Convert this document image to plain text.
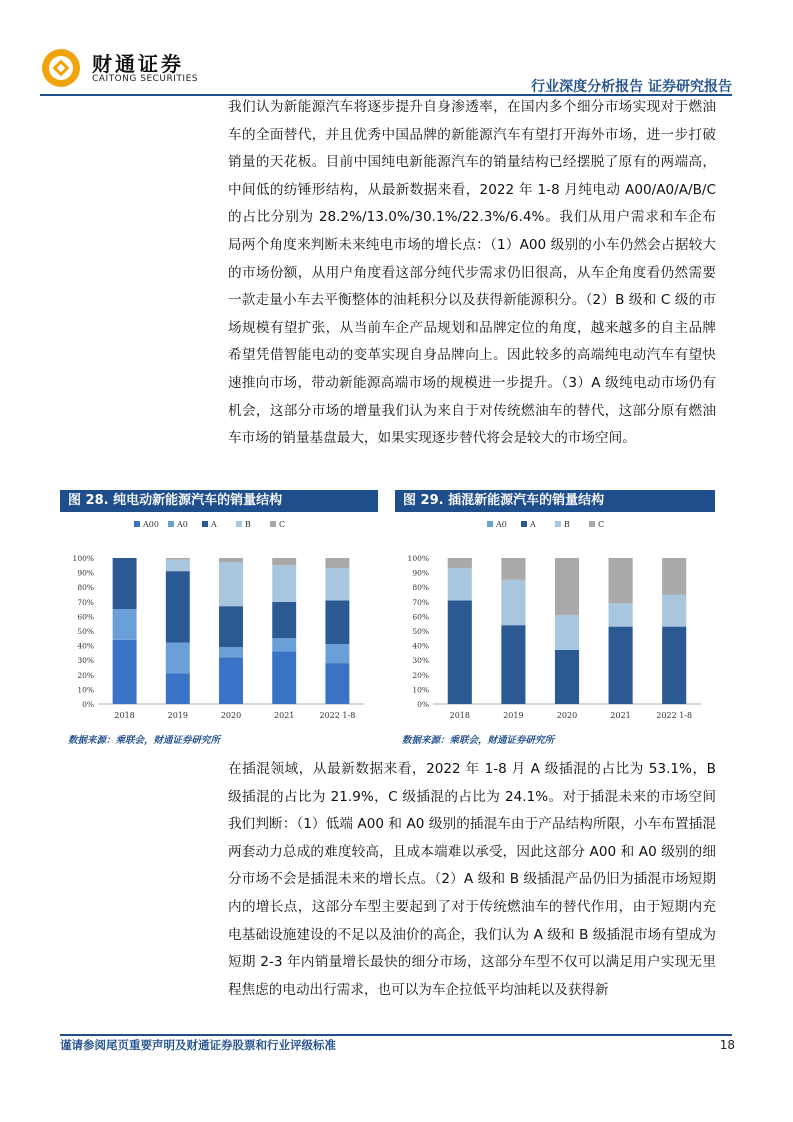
财通证券
CAITONG SECURITIES	行业深度分析报告 证券研究报告

我们认为新能源汽车将逐步提升自身渗透率，在国内多个细分市场实现对于燃油车的全面替代，并且优秀中国品牌的新能源汽车有望打开海外市场，进一步打破销量的天花板。目前中国纯电新能源汽车的销量结构已经摆脱了原有的两端高，中间低的纺锤形结构，从最新数据来看，2022 年 1-8 月纯电动 A00/A0/A/B/C 的占比分别为 28.2%/13.0%/30.1%/22.3%/6.4%。我们从用户需求和车企布局两个角度来判断未来纯电市场的增长点：（1）A00 级别的小车仍然会占据较大的市场份额，从用户角度看这部分纯代步需求仍旧很高，从车企角度看仍然需要一款走量小车去平衡整体的油耗积分以及获得新能源积分。（2）B 级和 C 级的市场规模有望扩张，从当前车企产品规划和品牌定位的角度，越来越多的自主品牌希望凭借智能电动的变革实现自身品牌向上。因此较多的高端纯电动汽车有望快速推向市场，带动新能源高端市场的规模进一步提升。（3）A 级纯电动市场仍有机会，这部分市场的增量我们认为来自于对传统燃油车的替代，这部分原有燃油车市场的销量基盘最大，如果实现逐步替代将会是较大的市场空间。

图 28. 纯电动新能源汽车的销量结构	图 29. 插混新能源汽车的销量结构
A00 A0	A	B	C
0%
10%
20%
30%
40%
50%
60%
70%
80%
90%
100%
2018	2019	2020	2021	2022 1-8
A0	A	B	C
0%
10%
20%
30%
40%
50%
60%
70%
80%
90%
100%
2018	2019	2020	2021	2022 1-8
数据来源：乘联会，财通证券研究所	数据来源：乘联会，财通证券研究所

在插混领域，从最新数据来看，2022 年 1-8 月 A 级插混的占比为 53.1%，B 级插混的占比为 21.9%，C 级插混的占比为 24.1%。对于插混未来的市场空间我们判断：（1）低端 A00 和 A0 级别的插混车由于产品结构所限，小车布置插混两套动力总成的难度较高，且成本端难以承受，因此这部分 A00 和 A0 级别的细分市场不会是插混未来的增长点。（2）A 级和 B 级插混产品仍旧为插混市场短期内的增长点，这部分车型主要起到了对于传统燃油车的替代作用，由于短期内充电基础设施建设的不足以及油价的高企，我们认为 A 级和 B 级插混市场有望成为短期 2-3 年内销量增长最快的细分市场，这部分车型不仅可以满足用户实现无里程焦虑的电动出行需求，也可以为车企拉低平均油耗以及获得新

谨请参阅尾页重要声明及财通证券股票和行业评级标准	18
